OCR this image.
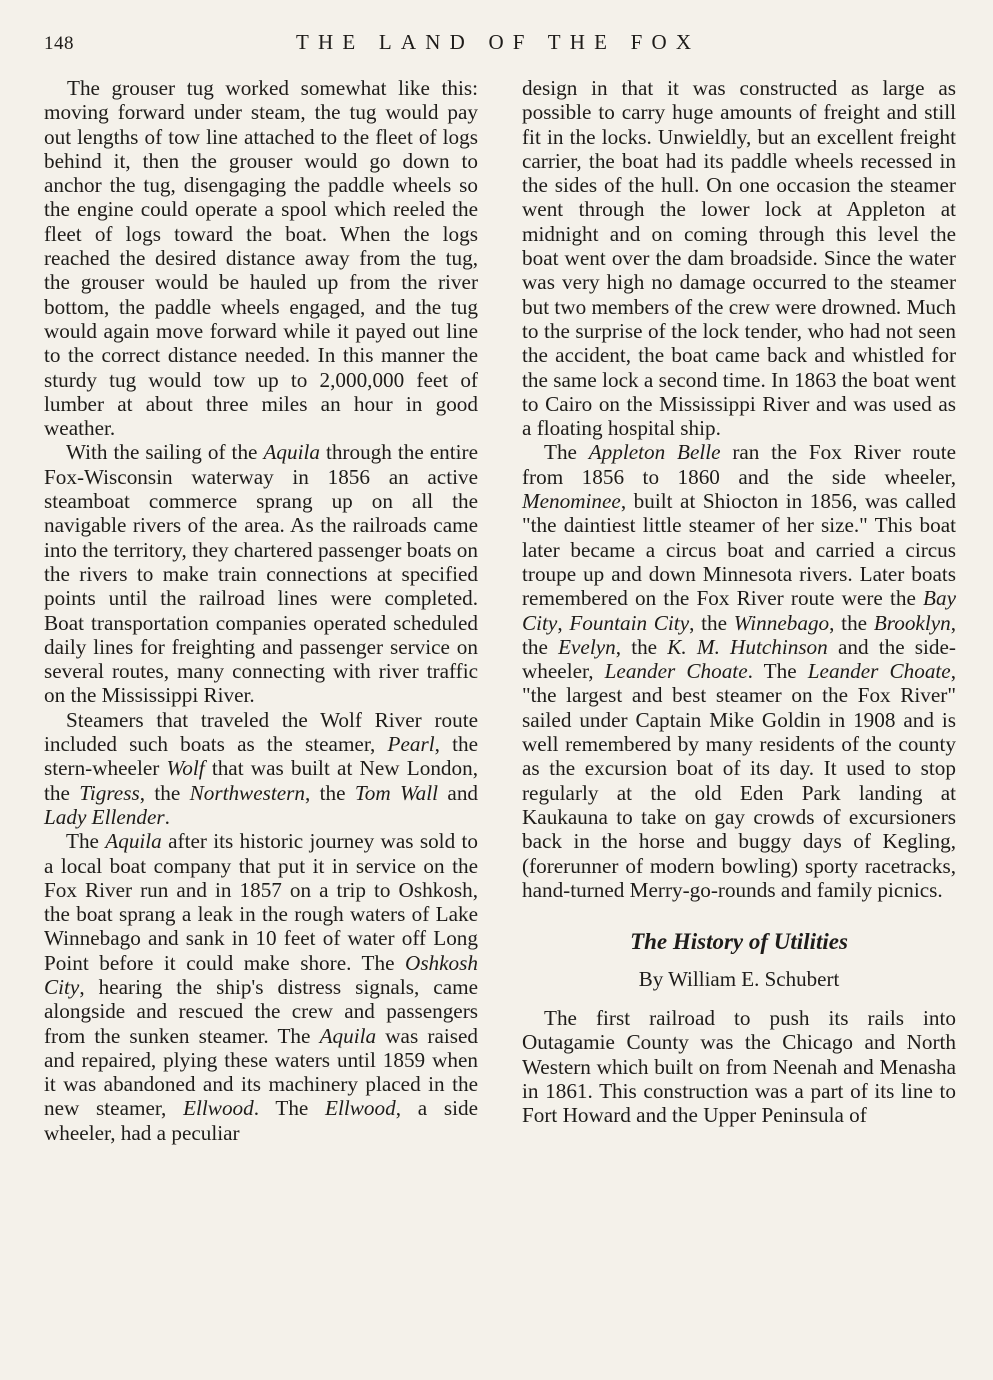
148	THE LAND OF THE FOX

The grouser tug worked somewhat like this: moving forward under steam, the tug would pay out lengths of tow line attached to the fleet of logs behind it, then the grouser would go down to anchor the tug, disengaging the paddle wheels so the engine could operate a spool which reeled the fleet of logs toward the boat. When the logs reached the desired distance away from the tug, the grouser would be hauled up from the river bottom, the paddle wheels engaged, and the tug would again move forward while it payed out line to the correct distance needed. In this manner the sturdy tug would tow up to 2,000,000 feet of lumber at about three miles an hour in good weather.

With the sailing of the Aquila through the entire Fox-Wisconsin waterway in 1856 an active steamboat commerce sprang up on all the navigable rivers of the area. As the railroads came into the territory, they chartered passenger boats on the rivers to make train connections at specified points until the railroad lines were completed. Boat transportation companies operated scheduled daily lines for freighting and passenger service on several routes, many connecting with river traffic on the Mississippi River.

Steamers that traveled the Wolf River route included such boats as the steamer, Pearl, the stern-wheeler Wolf that was built at New London, the Tigress, the Northwestern, the Tom Wall and Lady Ellender.

The Aquila after its historic journey was sold to a local boat company that put it in service on the Fox River run and in 1857 on a trip to Oshkosh, the boat sprang a leak in the rough waters of Lake Winnebago and sank in 10 feet of water off Long Point before it could make shore. The Oshkosh City, hearing the ship's distress signals, came alongside and rescued the crew and passengers from the sunken steamer. The Aquila was raised and repaired, plying these waters until 1859 when it was abandoned and its machinery placed in the new steamer, Ellwood. The Ellwood, a side wheeler, had a peculiar

design in that it was constructed as large as possible to carry huge amounts of freight and still fit in the locks. Unwieldly, but an excellent freight carrier, the boat had its paddle wheels recessed in the sides of the hull. On one occasion the steamer went through the lower lock at Appleton at midnight and on coming through this level the boat went over the dam broadside. Since the water was very high no damage occurred to the steamer but two members of the crew were drowned. Much to the surprise of the lock tender, who had not seen the accident, the boat came back and whistled for the same lock a second time. In 1863 the boat went to Cairo on the Mississippi River and was used as a floating hospital ship.

The Appleton Belle ran the Fox River route from 1856 to 1860 and the side wheeler, Menominee, built at Shiocton in 1856, was called "the daintiest little steamer of her size." This boat later became a circus boat and carried a circus troupe up and down Minnesota rivers. Later boats remembered on the Fox River route were the Bay City, Fountain City, the Winnebago, the Brooklyn, the Evelyn, the K. M. Hutchinson and the side-wheeler, Leander Choate. The Leander Choate, "the largest and best steamer on the Fox River" sailed under Captain Mike Goldin in 1908 and is well remembered by many residents of the county as the excursion boat of its day. It used to stop regularly at the old Eden Park landing at Kaukauna to take on gay crowds of excursioners back in the horse and buggy days of Kegling, (forerunner of modern bowling) sporty racetracks, hand-turned Merry-go-rounds and family picnics.

The History of Utilities
By William E. Schubert

The first railroad to push its rails into Outagamie County was the Chicago and North Western which built on from Neenah and Menasha in 1861. This construction was a part of its line to Fort Howard and the Upper Peninsula of
